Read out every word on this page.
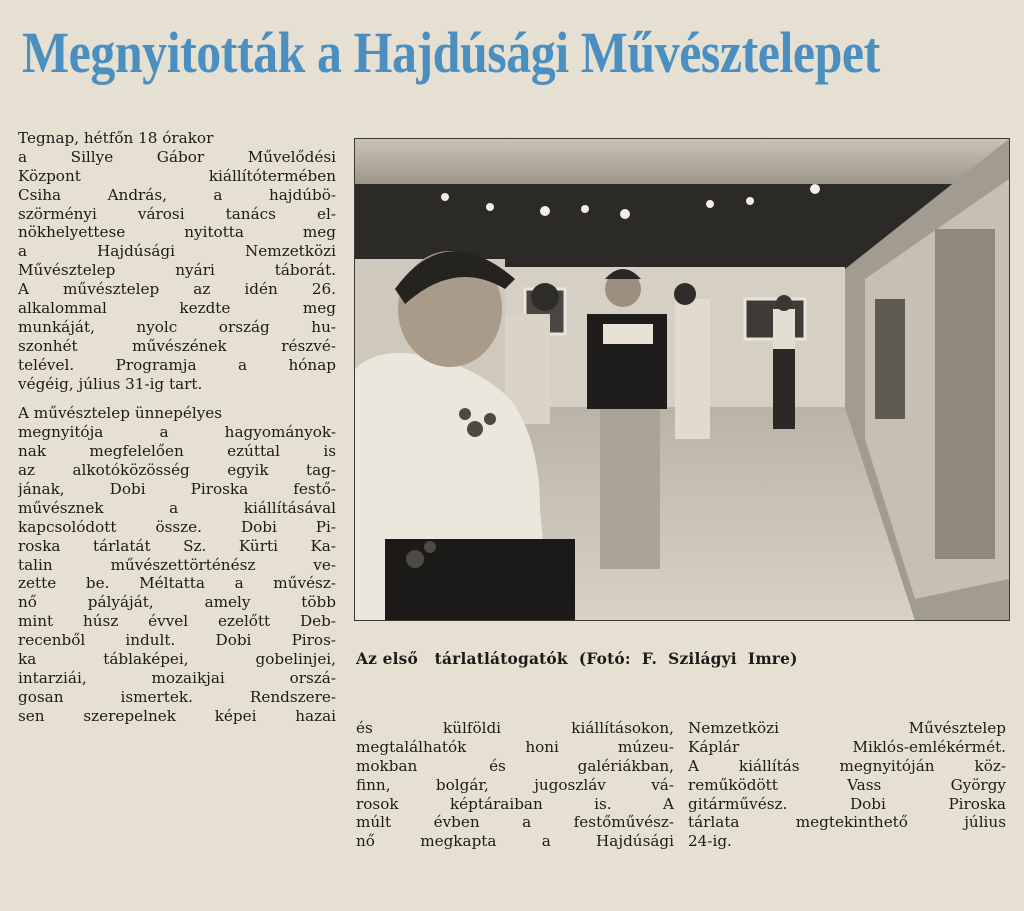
Megnyitották a Hajdúsági Művésztelepet
Tegnap, hétfőn 18 órakor
a Sillye Gábor Művelődési
Központ kiállítótermében
Csiha András, a hajdúbö-
szörményi városi tanács el-
nökhelyettese nyitotta meg
a Hajdúsági Nemzetközi
Művésztelep nyári táborát.
A művésztelep az idén 26.
alkalommal kezdte meg
munkáját, nyolc ország hu-
szonhét művészének részvé-
telével. Programja a hónap
végéig, július 31-ig tart.
A művésztelep ünnepélyes
megnyitója a hagyományok-
nak megfelelően ezúttal is
az alkotóközösség egyik tag-
jának, Dobi Piroska festő-
művésznek a kiállításával
kapcsolódott össze. Dobi Pi-
roska tárlatát Sz. Kürti Ka-
talin művészettörténész ve-
zette be. Méltatta a művész-
nő pályáját, amely több
mint húsz évvel ezelőtt Deb-
recenből indult. Dobi Piros-
ka táblaképei, gobelinjei,
intarziái, mozaikjai orszá-
gosan ismertek. Rendszere-
sen szerepelnek képei hazai
Az első   tárlatlátogatók  (Fotó:  F.  Szilágyi  Imre)
és külföldi kiállításokon,
megtalálhatók honi múzeu-
mokban és galériákban,
finn, bolgár, jugoszláv vá-
rosok képtáraiban is. A
múlt évben a festőművész-
nő megkapta a Hajdúsági
Nemzetközi Művésztelep
Káplár Miklós-emlékérmét.
A kiállítás megnyitóján köz-
reműködött Vass György
gitárművész. Dobi Piroska
tárlata megtekinthető július
24-ig.
